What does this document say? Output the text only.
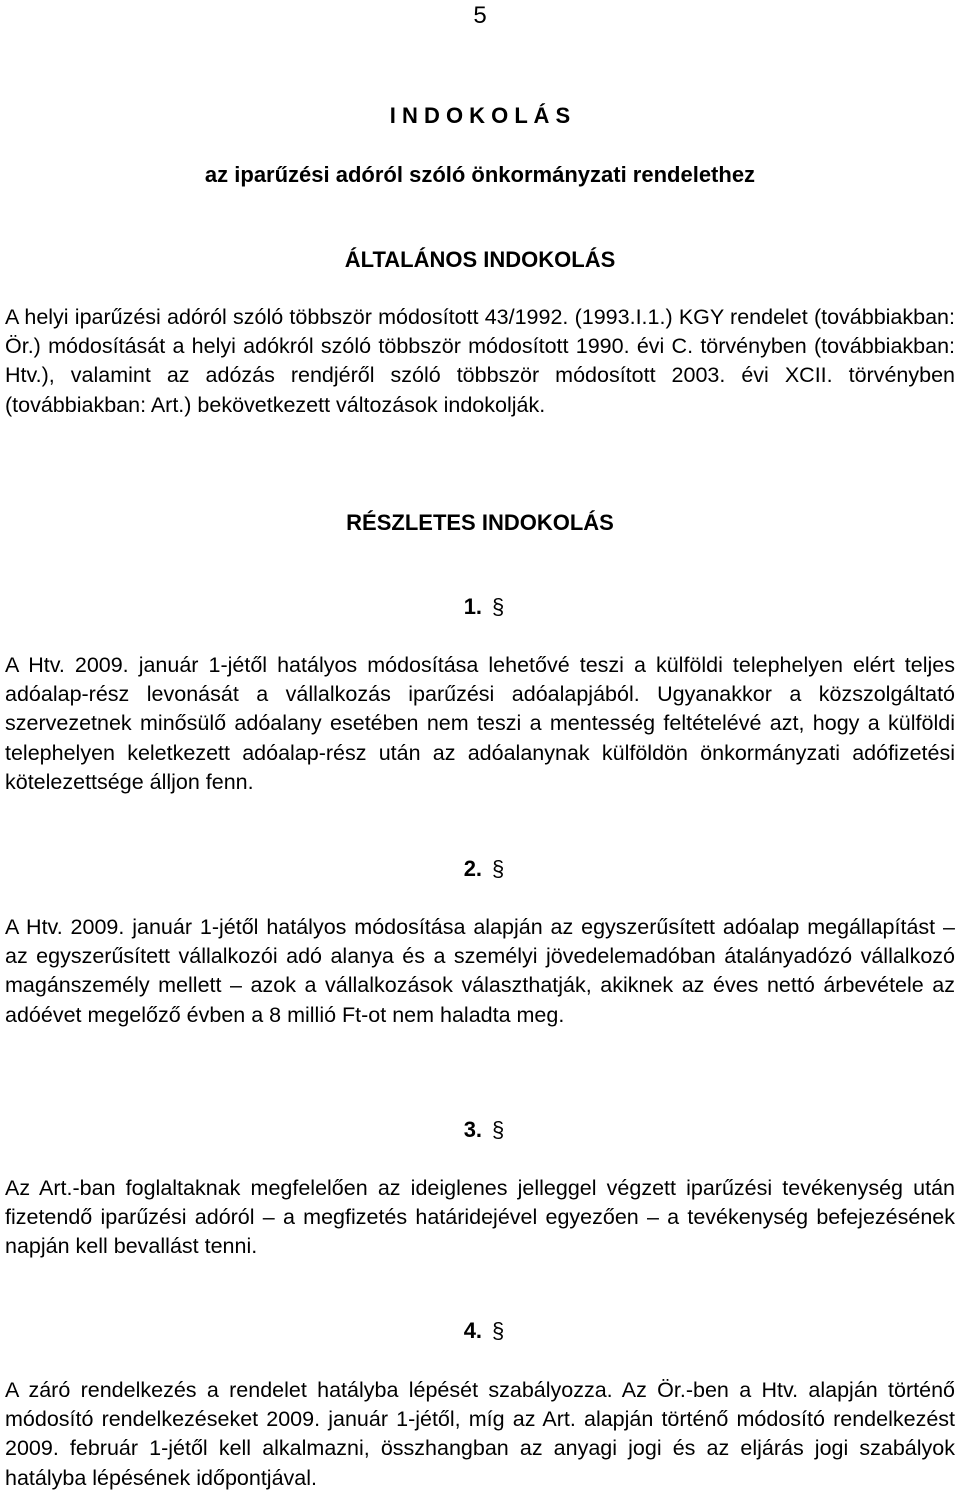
5
I N D O K O L Á S
az iparűzési adóról szóló önkormányzati rendelethez
ÁLTALÁNOS INDOKOLÁS
A helyi iparűzési adóról szóló többször módosított 43/1992. (1993.I.1.) KGY rendelet (továbbiakban: Ör.) módosítását a helyi adókról szóló többször módosított 1990. évi C. törvényben (továbbiakban: Htv.), valamint az adózás rendjéről szóló többször módosított 2003. évi XCII. törvényben (továbbiakban: Art.) bekövetkezett változások indokolják.
RÉSZLETES INDOKOLÁS
1. §
A Htv. 2009. január 1-jétől hatályos módosítása lehetővé teszi a külföldi telephelyen elért teljes adóalap-rész levonását a vállalkozás iparűzési adóalapjából. Ugyanakkor a közszolgáltató szervezetnek minősülő adóalany esetében nem teszi a mentesség feltételévé azt, hogy a külföldi telephelyen keletkezett adóalap-rész után az adóalanynak külföldön önkormányzati adófizetési kötelezettsége álljon fenn.
2. §
A Htv. 2009. január 1-jétől hatályos módosítása alapján az egyszerűsített adóalap megállapítást – az egyszerűsített vállalkozói adó alanya és a személyi jövedelemadóban átalányadózó vállalkozó magánszemély mellett – azok a vállalkozások választhatják, akiknek az éves nettó árbevétele az adóévet megelőző évben a 8 millió Ft-ot nem haladta meg.
3. §
Az Art.-ban foglaltaknak megfelelően az ideiglenes jelleggel végzett iparűzési tevékenység után fizetendő iparűzési adóról – a megfizetés határidejével egyezően – a tevékenység befejezésének napján kell bevallást tenni.
4. §
A záró rendelkezés a rendelet hatályba lépését szabályozza. Az Ör.-ben a Htv. alapján történő módosító rendelkezéseket 2009. január 1-jétől, míg az Art. alapján történő módosító rendelkezést 2009. február 1-jétől kell alkalmazni, összhangban az anyagi jogi és az eljárás jogi szabályok hatályba lépésének időpontjával.
